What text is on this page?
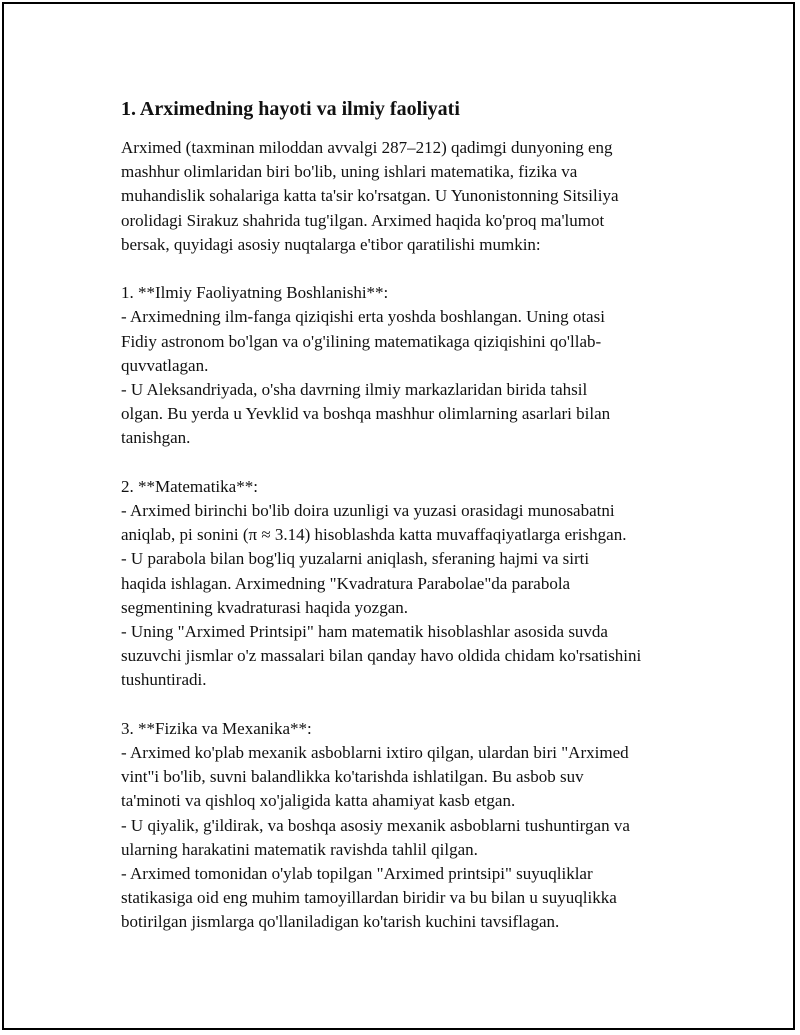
1. Arximedning hayoti va ilmiy faoliyati

Arximed (taxminan miloddan avvalgi 287–212) qadimgi dunyoning eng
mashhur olimlaridan biri bo'lib, uning ishlari matematika, fizika va
muhandislik sohalariga katta ta'sir ko'rsatgan. U Yunonistonning Sitsiliya
orolidagi Sirakuz shahrida tug'ilgan. Arximed haqida ko'proq ma'lumot
bersak, quyidagi asosiy nuqtalarga e'tibor qaratilishi mumkin:

1. **Ilmiy Faoliyatning Boshlanishi**:

- Arximedning ilm-fanga qiziqishi erta yoshda boshlangan. Uning otasi
Fidiy astronom bo'lgan va o'g'ilining matematikaga qiziqishini qo'llab-
quvvatlagan.
- U Aleksandriyada, o'sha davrning ilmiy markazlaridan birida tahsil
olgan. Bu yerda u Yevklid va boshqa mashhur olimlarning asarlari bilan
tanishgan.

2. **Matematika**:

- Arximed birinchi bo'lib doira uzunligi va yuzasi orasidagi munosabatni
aniqlab, pi sonini (π ≈ 3.14) hisoblashda katta muvaffaqiyatlarga erishgan.
- U parabola bilan bog'liq yuzalarni aniqlash, sferaning hajmi va sirti
haqida ishlagan. Arximedning "Kvadratura Parabolae"da parabola
segmentining kvadraturasi haqida yozgan.
- Uning "Arximed Printsipi" ham matematik hisoblashlar asosida suvda
suzuvchi jismlar o'z massalari bilan qanday havo oldida chidam ko'rsatishini
tushuntiradi.

3. **Fizika va Mexanika**:

- Arximed ko'plab mexanik asboblarni ixtiro qilgan, ulardan biri "Arximed
vint"i bo'lib, suvni balandlikka ko'tarishda ishlatilgan. Bu asbob suv
ta'minoti va qishloq xo'jaligida katta ahamiyat kasb etgan.
- U qiyalik, g'ildirak, va boshqa asosiy mexanik asboblarni tushuntirgan va
ularning harakatini matematik ravishda tahlil qilgan.
- Arximed tomonidan o'ylab topilgan "Arximed printsipi" suyuqliklar
statikasiga oid eng muhim tamoyillardan biridir va bu bilan u suyuqlikka
botirilgan jismlarga qo'llaniladigan ko'tarish kuchini tavsiflagan.
